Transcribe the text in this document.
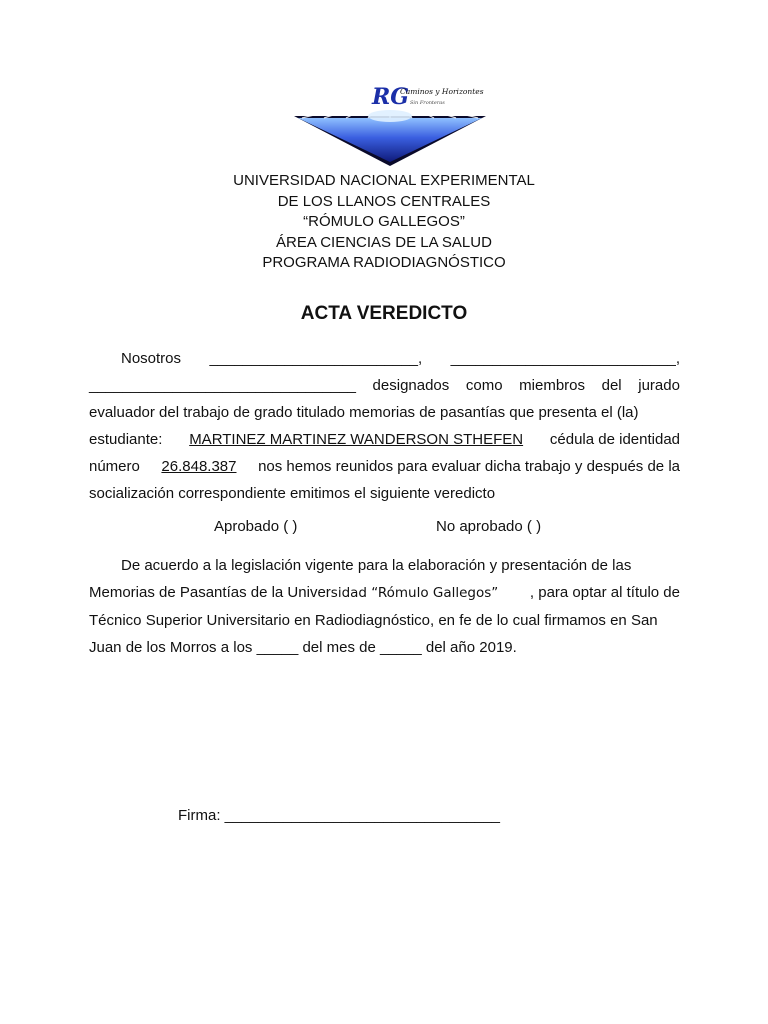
RG
Caminos y Horizontes
Sin Fronteras
UNIVERSIDAD NACIONAL EXPERIMENTAL
DE LOS LLANOS CENTRALES
“RÓMULO GALLEGOS”
ÁREA CIENCIAS DE LA SALUD
PROGRAMA RADIODIAGNÓSTICO
ACTA VEREDICTO
Nosotros _________________________, ___________________________,
________________________________ designados como miembros del jurado
evaluador del trabajo de grado titulado memorias de pasantías que presenta el (la)
estudiante: MARTINEZ MARTINEZ WANDERSON STHEFEN cédula de identidad
número 26.848.387 nos hemos reunidos para evaluar dicha trabajo y después de la
socialización correspondiente emitimos el siguiente veredicto
Aprobado ( )	No aprobado ( )
De acuerdo a la legislación vigente para la elaboración y presentación de las
Memorias de Pasantías de la Universidad “Rómulo Gallegos” , para optar al título de
Técnico Superior Universitario en Radiodiagnóstico, en fe de lo cual firmamos en San
Juan de los Morros a los _____ del mes de _____ del año 2019.
Firma: _________________________________
